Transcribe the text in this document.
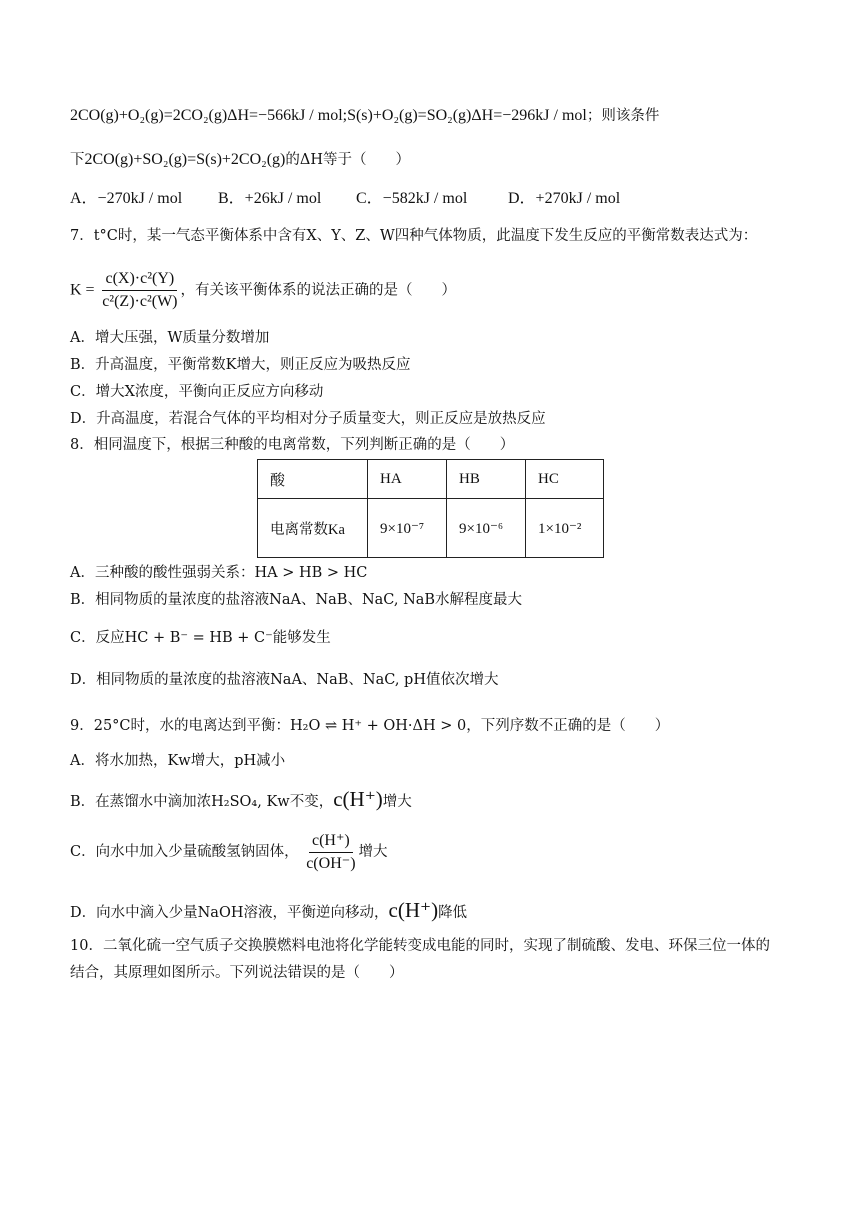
2CO(g)+O₂(g)=2CO₂(g)ΔH=−566kJ / mol;S(s)+O₂(g)=SO₂(g)ΔH=−296kJ / mol；则该条件
下2CO(g)+SO₂(g)=S(s)+2CO₂(g)的ΔH等于（　　）
A．−270kJ / mol B．+26kJ / mol C．−582kJ / mol	D．+270kJ / mol
7．t°C时，某一气态平衡体系中含有X、Y、Z、W四种气体物质，此温度下发生反应的平衡常数表达式为：
$K = \frac{\text{c(X)·c²(Y)}}{\text{c²(Z)·c²(W)}}$ ，有关该平衡体系的说法正确的是（　　）
A．增大压强，W质量分数增加
B．升高温度，平衡常数K增大，则正反应为吸热反应
C．增大X浓度，平衡向正反应方向移动
D．升高温度，若混合气体的平均相对分子质量变大，则正反应是放热反应
8．相同温度下，根据三种酸的电离常数，下列判断正确的是（　　）
酸	HA	HB	HC
电离常数Ka	9×10⁻⁷	9×10⁻⁶	1×10⁻²
A．三种酸的酸性强弱关系：HA > HB > HC
B．相同物质的量浓度的盐溶液NaA、NaB、NaC, NaB水解程度最大
C．反应HC + B⁻ = HB + C⁻能够发生
D．相同物质的量浓度的盐溶液NaA、NaB、NaC, pH值依次增大
9．25°C时，水的电离达到平衡：H₂O ⇌ H⁺ + OH·ΔH > 0，下列序数不正确的是（　　）
A．将水加热，Kw增大，pH减小
B．在蒸馏水中滴加浓H₂SO₄, Kw不变，c(H⁺)增大
C．向水中加入少量硫酸氢钠固体， $\frac{c(H^+)}{c(OH^-)}$ 增大
D．向水中滴入少量NaOH溶液，平衡逆向移动，c(H⁺)降低
10．二氧化硫一空气质子交换膜燃料电池将化学能转变成电能的同时，实现了制硫酸、发电、环保三位一体的
结合，其原理如图所示。下列说法错误的是（　　）
